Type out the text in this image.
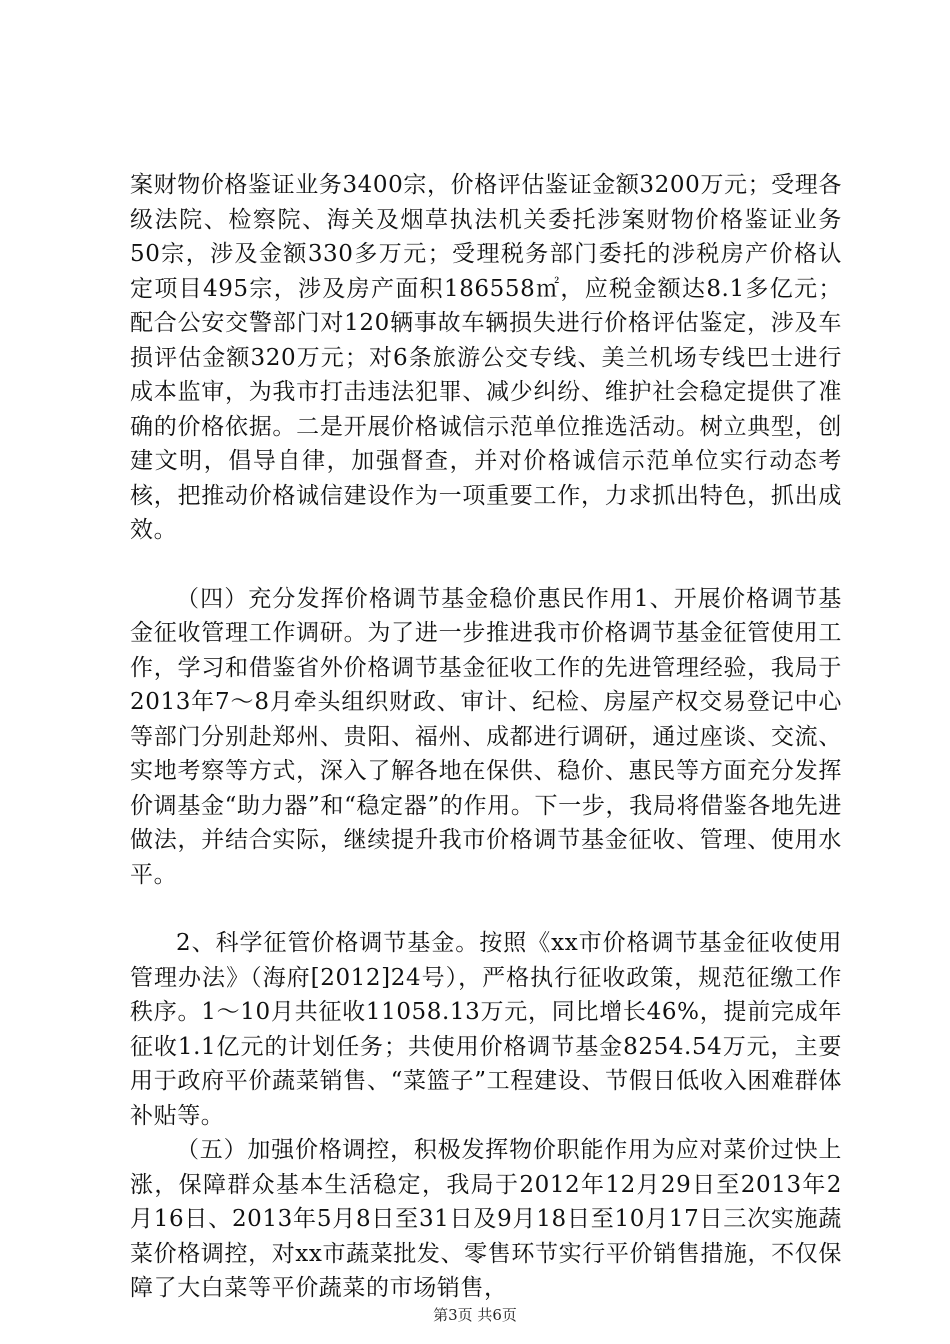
案财物价格鉴证业务3400宗，价格评估鉴证金额3200万元；受理各级法院、检察院、海关及烟草执法机关委托涉案财物价格鉴证业务50宗，涉及金额330多万元；受理税务部门委托的涉税房产价格认定项目495宗，涉及房产面积186558㎡，应税金额达8.1多亿元；配合公安交警部门对120辆事故车辆损失进行价格评估鉴定，涉及车损评估金额320万元；对6条旅游公交专线、美兰机场专线巴士进行成本监审，为我市打击违法犯罪、减少纠纷、维护社会稳定提供了准确的价格依据。二是开展价格诚信示范单位推选活动。树立典型，创建文明，倡导自律，加强督查，并对价格诚信示范单位实行动态考核，把推动价格诚信建设作为一项重要工作，力求抓出特色，抓出成效。

（四）充分发挥价格调节基金稳价惠民作用1、开展价格调节基金征收管理工作调研。为了进一步推进我市价格调节基金征管使用工作，学习和借鉴省外价格调节基金征收工作的先进管理经验，我局于2013年7～8月牵头组织财政、审计、纪检、房屋产权交易登记中心等部门分别赴郑州、贵阳、福州、成都进行调研，通过座谈、交流、实地考察等方式，深入了解各地在保供、稳价、惠民等方面充分发挥价调基金“助力器”和“稳定器”的作用。下一步，我局将借鉴各地先进做法，并结合实际，继续提升我市价格调节基金征收、管理、使用水平。

2、科学征管价格调节基金。按照《xx市价格调节基金征收使用管理办法》（海府[2012]24号），严格执行征收政策，规范征缴工作秩序。1～10月共征收11058.13万元，同比增长46%，提前完成年征收1.1亿元的计划任务；共使用价格调节基金8254.54万元，主要用于政府平价蔬菜销售、“菜篮子”工程建设、节假日低收入困难群体补贴等。

（五）加强价格调控，积极发挥物价职能作用为应对菜价过快上涨，保障群众基本生活稳定，我局于2012年12月29日至2013年2月16日、2013年5月8日至31日及9月18日至10月17日三次实施蔬菜价格调控，对xx市蔬菜批发、零售环节实行平价销售措施，不仅保障了大白菜等平价蔬菜的市场销售，

第3页 共6页
